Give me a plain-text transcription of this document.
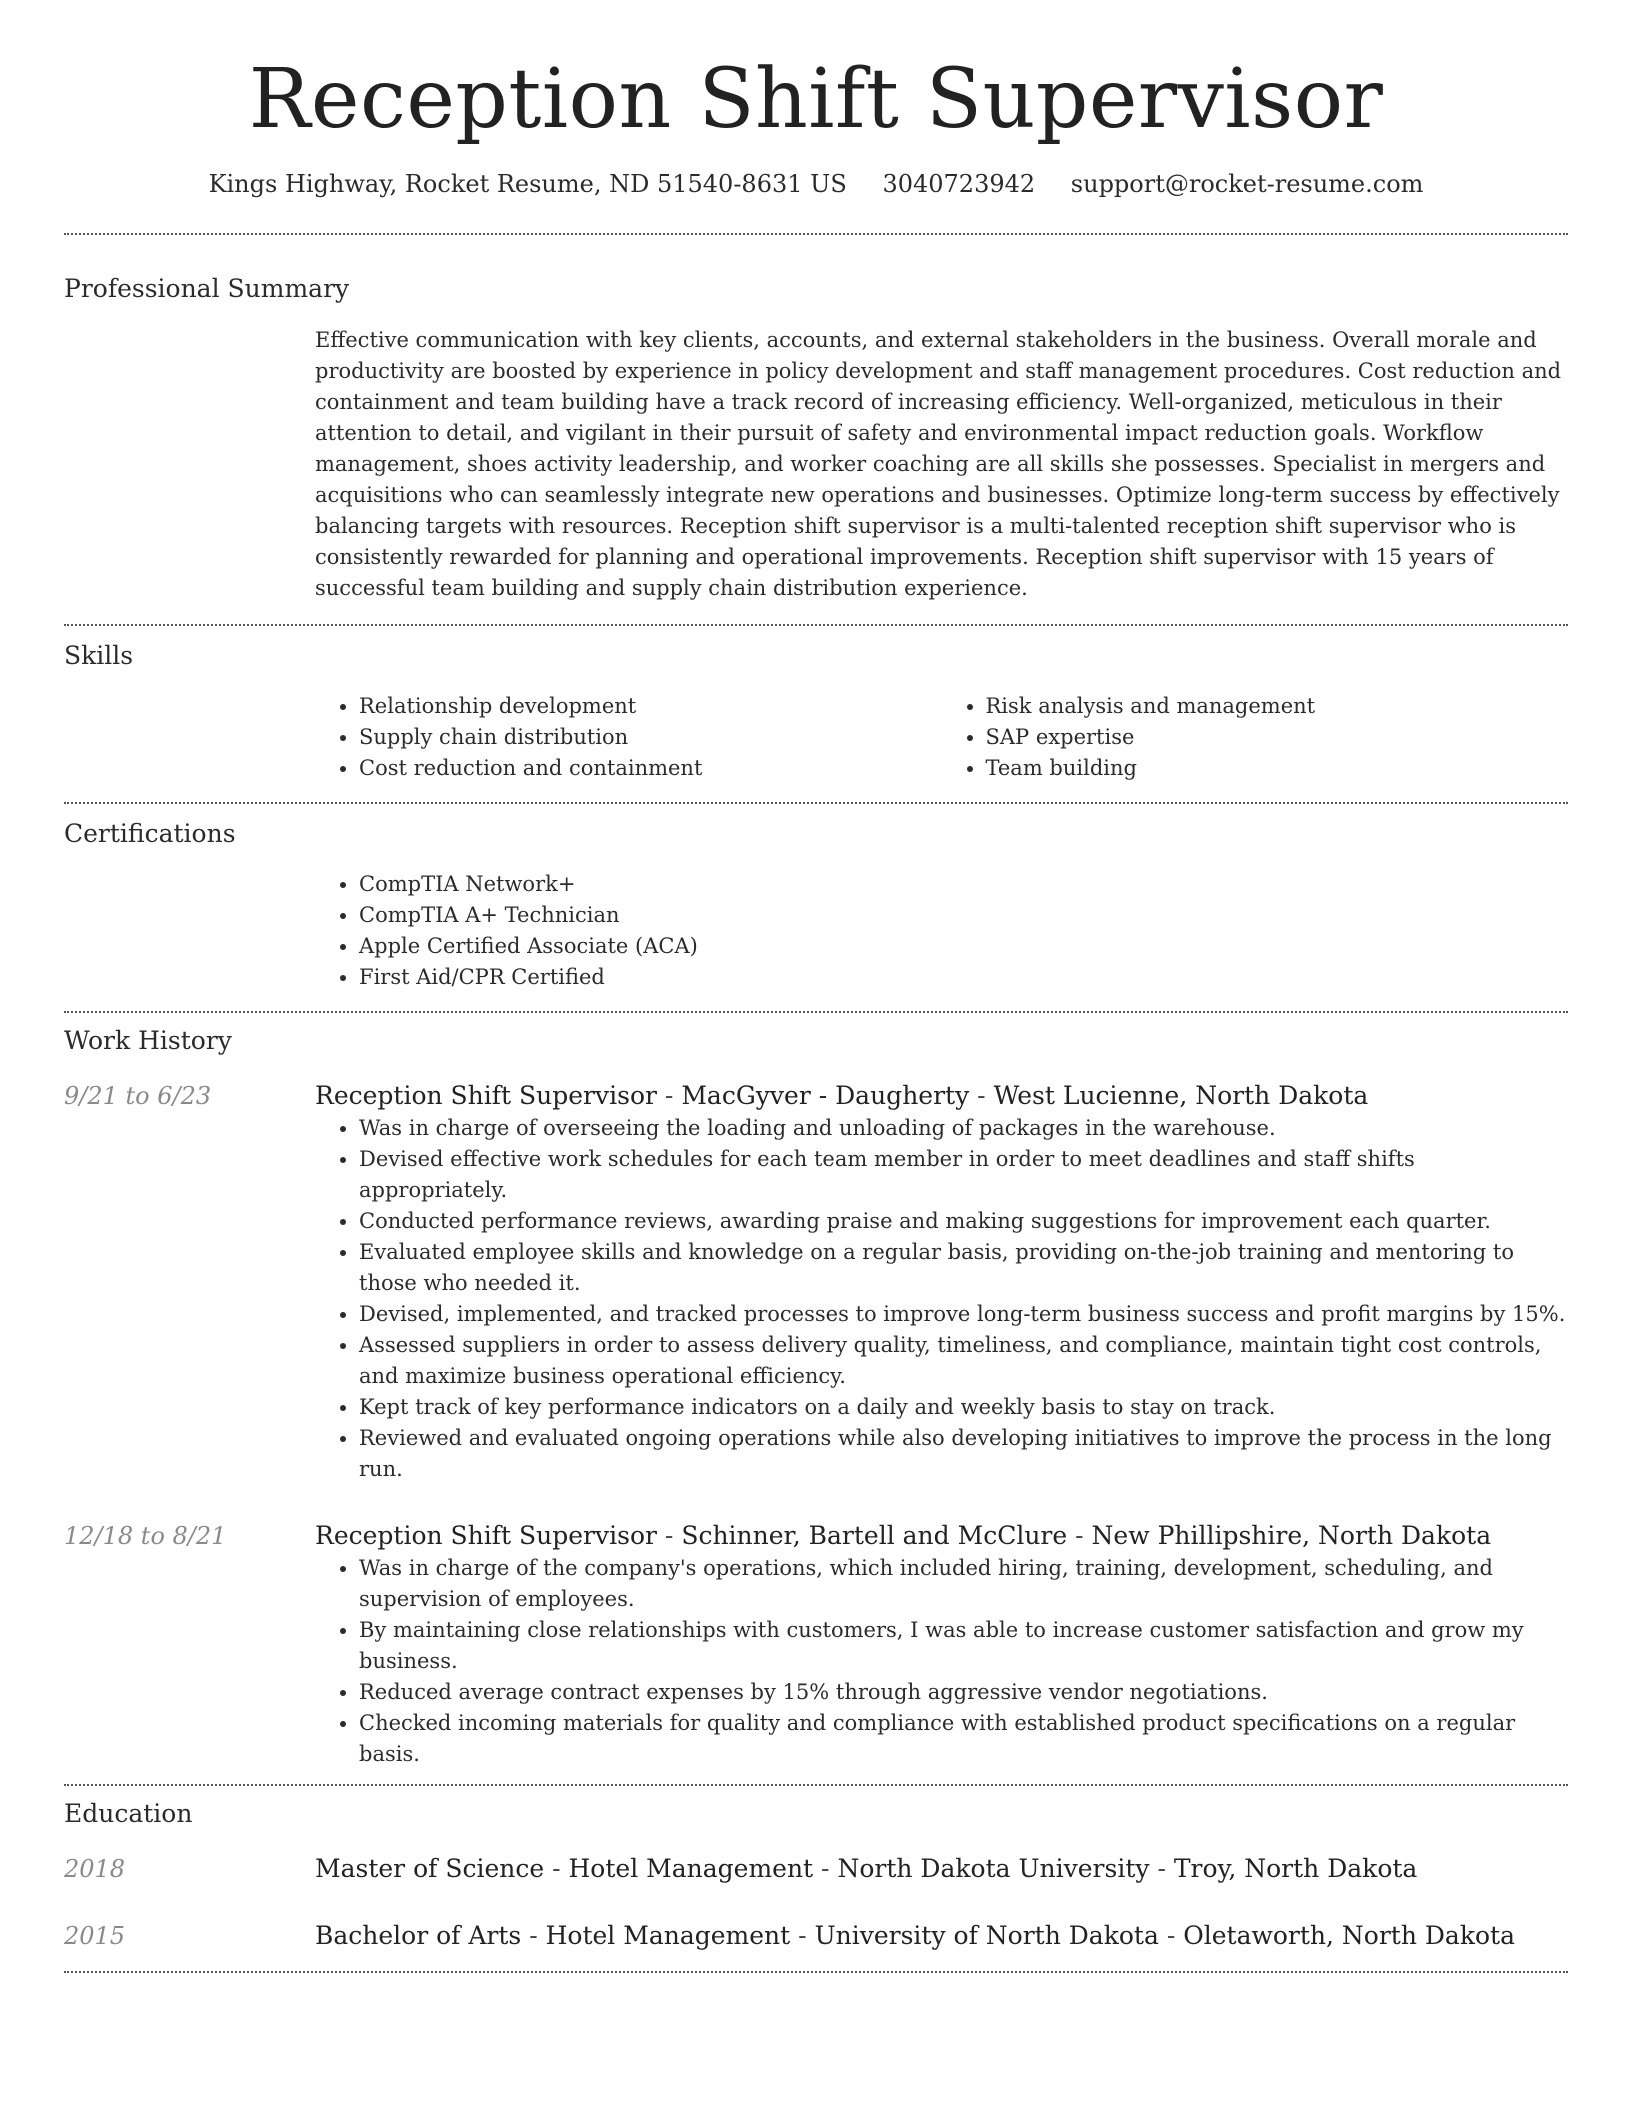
Reception Shift Supervisor
Kings Highway, Rocket Resume, ND 51540-8631 US 3040723942 support@rocket-resume.com
Professional Summary
Effective communication with key clients, accounts, and external stakeholders in the business. Overall morale and productivity are boosted by experience in policy development and staff management procedures. Cost reduction and containment and team building have a track record of increasing efficiency. Well-organized, meticulous in their attention to detail, and vigilant in their pursuit of safety and environmental impact reduction goals. Workflow management, shoes activity leadership, and worker coaching are all skills she possesses. Specialist in mergers and acquisitions who can seamlessly integrate new operations and businesses. Optimize long-term success by effectively balancing targets with resources. Reception shift supervisor is a multi-talented reception shift supervisor who is consistently rewarded for planning and operational improvements. Reception shift supervisor with 15 years of successful team building and supply chain distribution experience.
Skills
• Relationship development
• Supply chain distribution
• Cost reduction and containment
• Risk analysis and management
• SAP expertise
• Team building
Certifications
• CompTIA Network+
• CompTIA A+ Technician
• Apple Certified Associate (ACA)
• First Aid/CPR Certified
Work History
9/21 to 6/23	Reception Shift Supervisor - MacGyver - Daugherty - West Lucienne, North Dakota
• Was in charge of overseeing the loading and unloading of packages in the warehouse.
• Devised effective work schedules for each team member in order to meet deadlines and staff shifts appropriately.
• Conducted performance reviews, awarding praise and making suggestions for improvement each quarter.
• Evaluated employee skills and knowledge on a regular basis, providing on-the-job training and mentoring to those who needed it.
• Devised, implemented, and tracked processes to improve long-term business success and profit margins by 15%.
• Assessed suppliers in order to assess delivery quality, timeliness, and compliance, maintain tight cost controls, and maximize business operational efficiency.
• Kept track of key performance indicators on a daily and weekly basis to stay on track.
• Reviewed and evaluated ongoing operations while also developing initiatives to improve the process in the long run.
12/18 to 8/21	Reception Shift Supervisor - Schinner, Bartell and McClure - New Phillipshire, North Dakota
• Was in charge of the company's operations, which included hiring, training, development, scheduling, and supervision of employees.
• By maintaining close relationships with customers, I was able to increase customer satisfaction and grow my business.
• Reduced average contract expenses by 15% through aggressive vendor negotiations.
• Checked incoming materials for quality and compliance with established product specifications on a regular basis.
Education
2018	Master of Science - Hotel Management - North Dakota University - Troy, North Dakota
2015	Bachelor of Arts - Hotel Management - University of North Dakota - Oletaworth, North Dakota
